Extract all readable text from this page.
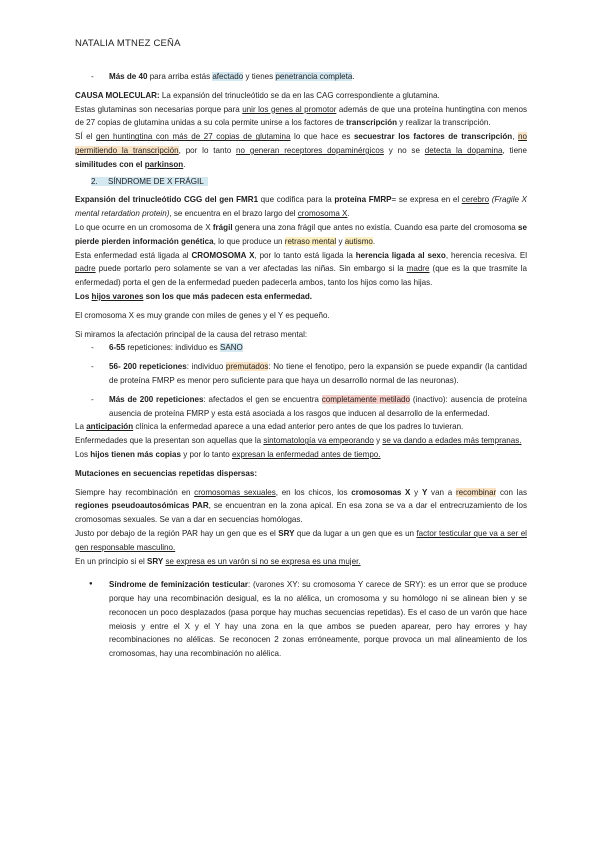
NATALIA MTNEZ CEÑA
- Más de 40 para arriba estás afectado y tienes penetrancia completa.

CAUSA MOLECULAR: La expansión del trinucleótido se da en las CAG correspondiente a glutamina.

Estas glutaminas son necesarias porque para unir los genes al promotor además de que una proteína huntingtina con menos de 27 copias de glutamina unidas a su cola permite unirse a los factores de transcripción y realizar la transcripción.

SÍ el gen huntingtina con más de 27 copias de glutamina lo que hace es secuestrar los factores de transcripción, no permitiendo la transcripción, por lo tanto no generan receptores dopaminérgicos y no se detecta la dopamina, tiene similitudes con el parkinson.

2. SÍNDROME DE X FRÁGIL

Expansión del trinucleótido CGG del gen FMR1 que codifica para la proteína FMRP= se expresa en el cerebro (Fragile X mental retardation protein), se encuentra en el brazo largo del cromosoma X.

Lo que ocurre en un cromosoma de X frágil genera una zona frágil que antes no existía. Cuando esa parte del cromosoma se pierde pierden información genética, lo que produce un retraso mental y autismo.

Esta enfermedad está ligada al CROMOSOMA X, por lo tanto está ligada la herencia ligada al sexo, herencia recesiva. El padre puede portarlo pero solamente se van a ver afectadas las niñas. Sin embargo si la madre (que es la que trasmite la enfermedad) porta el gen de la enfermedad pueden padecerla ambos, tanto los hijos como las hijas.

Los hijos varones son los que más padecen esta enfermedad.

El cromosoma X es muy grande con miles de genes y el Y es pequeño.

Si miramos la afectación principal de la causa del retraso mental:

- 6-55 repeticiones: individuo es SANO
- 56- 200 repeticiones: individuo premutados: No tiene el fenotipo, pero la expansión se puede expandir (la cantidad de proteína FMRP es menor pero suficiente para que haya un desarrollo normal de las neuronas).
- Más de 200 repeticiones: afectados el gen se encuentra completamente metilado (inactivo): ausencia de proteína ausencia de proteína FMRP y esta está asociada a los rasgos que inducen al desarrollo de la enfermedad.

La anticipación clínica la enfermedad aparece a una edad anterior pero antes de que los padres lo tuvieran.

Enfermedades que la presentan son aquellas que la sintomatología va empeorando y se va dando a edades más tempranas.

Los hijos tienen más copias y por lo tanto expresan la enfermedad antes de tiempo.

Mutaciones en secuencias repetidas dispersas:

Siempre hay recombinación en cromosomas sexuales, en los chicos, los cromosomas X y Y van a recombinar con las regiones pseudoautosómicas PAR, se encuentran en la zona apical. En esa zona se va a dar el entrecruzamiento de los cromosomas sexuales. Se van a dar en secuencias homólogas.

Justo por debajo de la región PAR hay un gen que es el SRY que da lugar a un gen que es un factor testicular que va a ser el gen responsable masculino.

En un principio si el SRY se expresa es un varón si no se expresa es una mujer.

● Síndrome de feminización testicular: (varones XY: su cromosoma Y carece de SRY): es un error que se produce porque hay una recombinación desigual, es la no alélica, un cromosoma y su homólogo ni se alinean bien y se reconocen un poco desplazados (pasa porque hay muchas secuencias repetidas). Es el caso de un varón que hace meiosis y entre el X y el Y hay una zona en la que ambos se pueden aparear, pero hay errores y hay recombinaciones no alélicas. Se reconocen 2 zonas erróneamente, porque provoca un mal alineamiento de los cromosomas, hay una recombinación no alélica.
